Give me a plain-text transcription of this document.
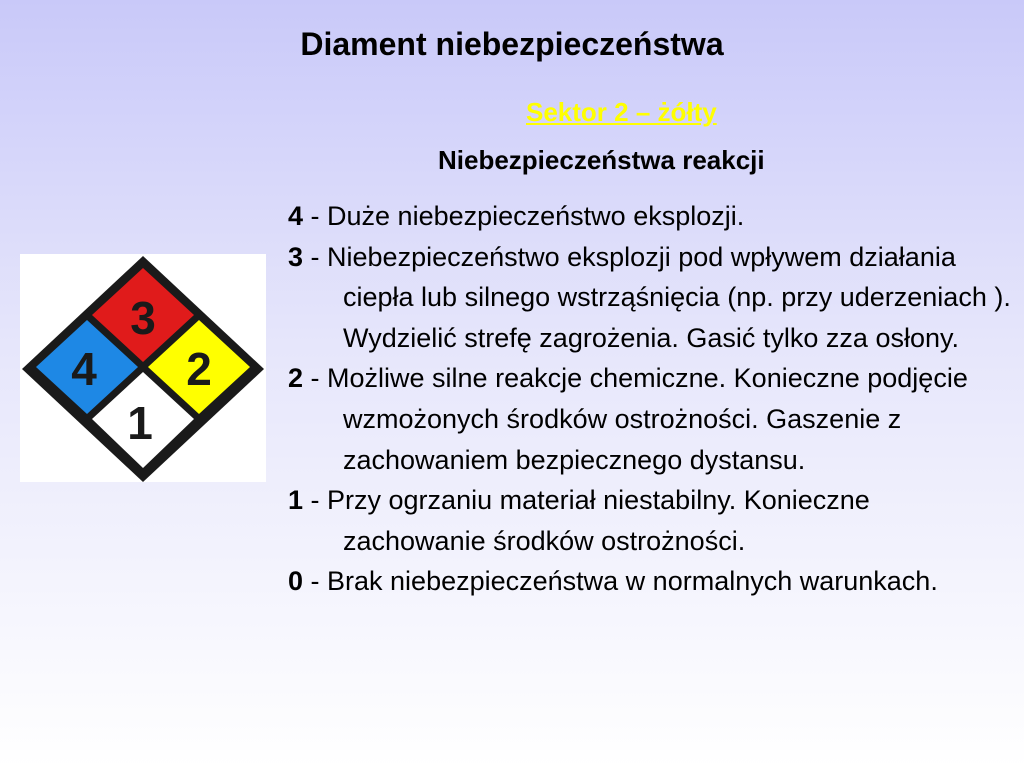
Diament niebezpieczeństwa
Sektor 2 – żółty
Niebezpieczeństwa reakcji
3
4 2
1
4 - Duże niebezpieczeństwo eksplozji.
3 - Niebezpieczeństwo eksplozji pod wpływem działania ciepła lub silnego wstrząśnięcia (np. przy uderzeniach ). Wydzielić strefę zagrożenia. Gasić tylko zza osłony.
2 - Możliwe silne reakcje chemiczne. Konieczne podjęcie wzmożonych środków ostrożności. Gaszenie z zachowaniem bezpiecznego dystansu.
1 - Przy ogrzaniu materiał niestabilny. Konieczne zachowanie środków ostrożności.
0 - Brak niebezpieczeństwa w normalnych warunkach.
